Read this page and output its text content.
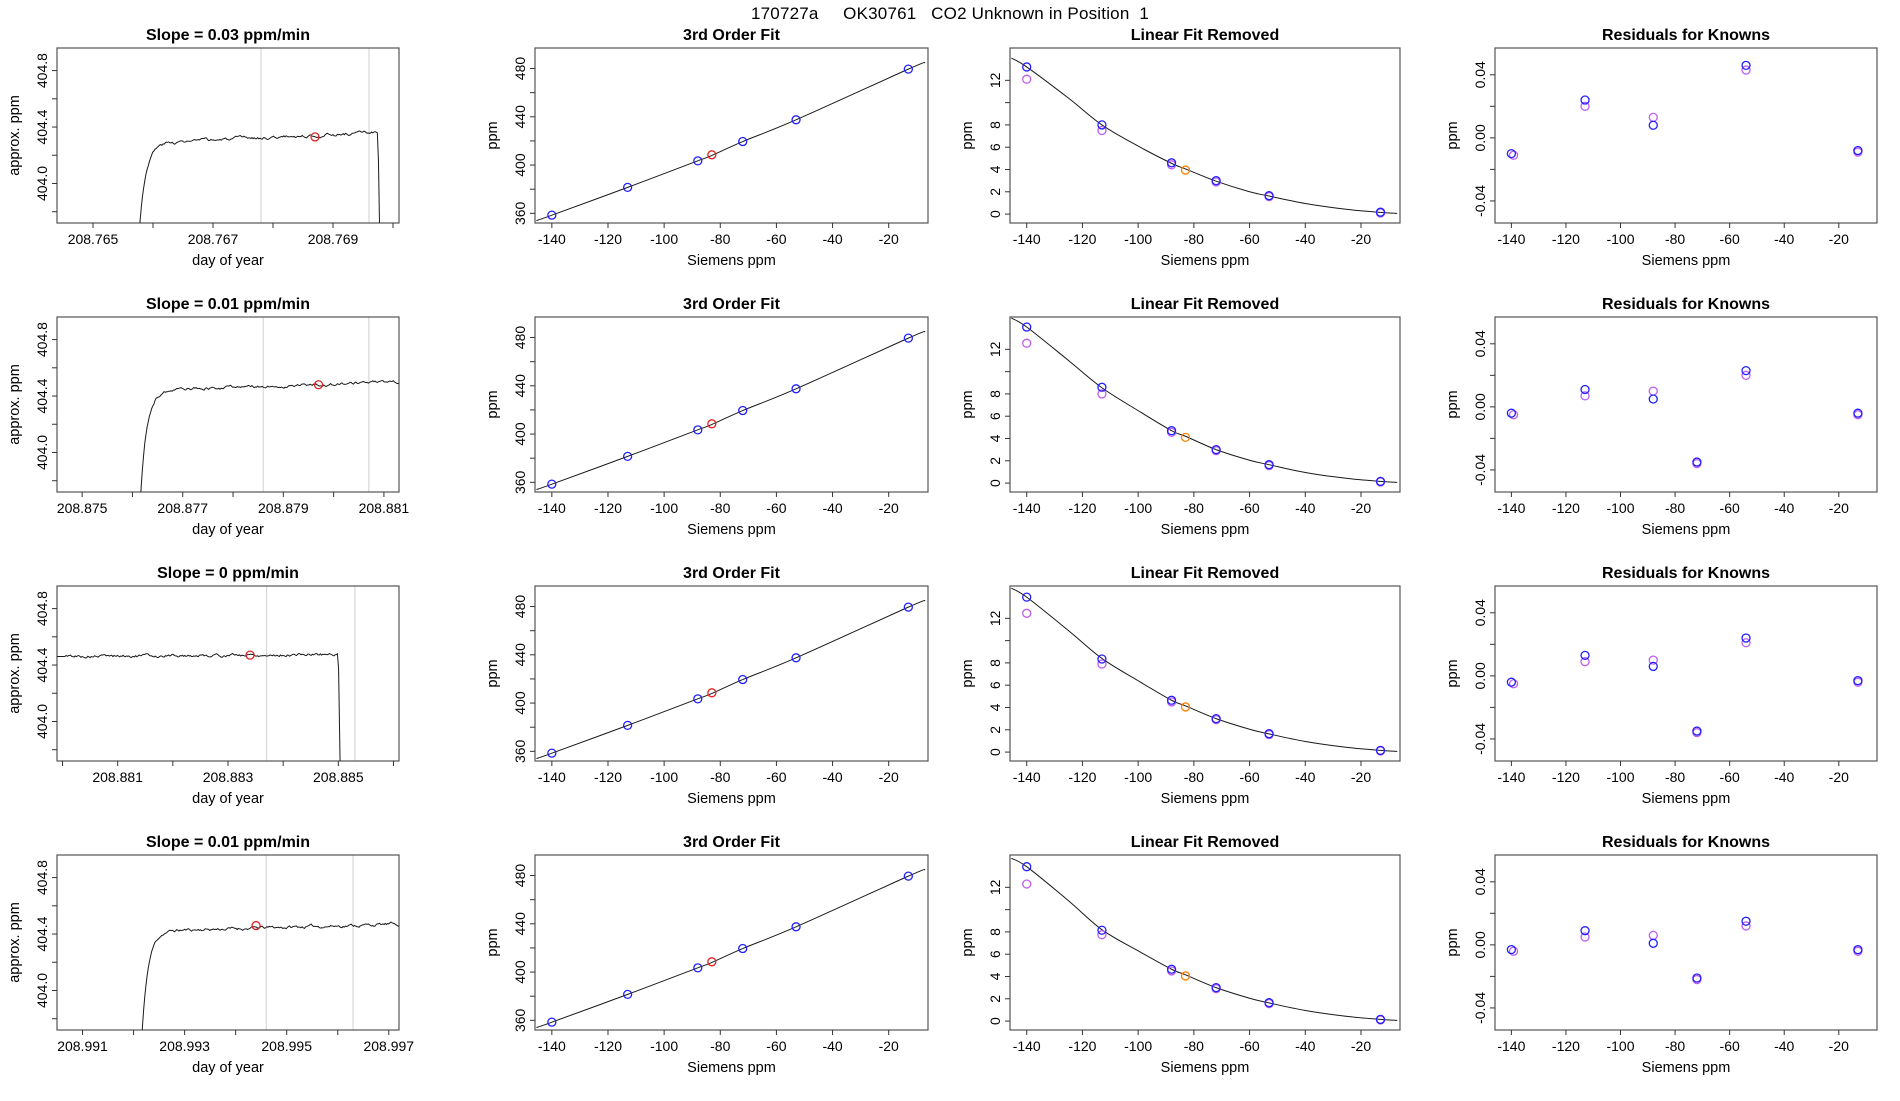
170727a     OK30761   CO2 Unknown in Position  1
208.765	208.767	208.769
404.0
404.4
404.8
Slope = 0.03 ppm/min
day of year
approx. ppm
-140 -120 -100 -80	-60	-40	-20
360
400
440
480
3rd Order Fit
Siemens ppm
ppm
-140 -120 -100 -80	-60	-40	-20
0
2
4
6
8
12
Linear Fit Removed
Siemens ppm
ppm
-140 -120 -100 -80 -60 -40 -20
-0.04
0.00
0.04
Residuals for Knowns
Siemens ppm
ppm
208.875	208.877	208.879	208.881
404.0
404.4
404.8
Slope = 0.01 ppm/min
day of year
approx. ppm
-140 -120 -100 -80	-60	-40	-20
360
400
440
480
3rd Order Fit
Siemens ppm
ppm
-140 -120 -100 -80	-60	-40	-20
0
2
4
6
8
12
Linear Fit Removed
Siemens ppm
ppm
-140 -120 -100 -80 -60 -40 -20
-0.04
0.00
0.04
Residuals for Knowns
Siemens ppm
ppm
208.881	208.883	208.885
404.0
404.4
404.8
Slope = 0 ppm/min
day of year
approx. ppm
-140 -120 -100 -80	-60	-40	-20
360
400
440
480
3rd Order Fit
Siemens ppm
ppm
-140 -120 -100 -80	-60	-40	-20
0
2
4
6
8
12
Linear Fit Removed
Siemens ppm
ppm
-140 -120 -100 -80 -60 -40 -20
-0.04
0.00
0.04
Residuals for Knowns
Siemens ppm
ppm
208.991	208.993	208.995	208.997
404.0
404.4
404.8
Slope = 0.01 ppm/min
day of year
approx. ppm
-140 -120 -100 -80	-60	-40	-20
360
400
440
480
3rd Order Fit
Siemens ppm
ppm
-140 -120 -100 -80	-60	-40	-20
0
2
4
6
8
12
Linear Fit Removed
Siemens ppm
ppm
-140 -120 -100 -80 -60 -40 -20
-0.04
0.00
0.04
Residuals for Knowns
Siemens ppm
ppm
